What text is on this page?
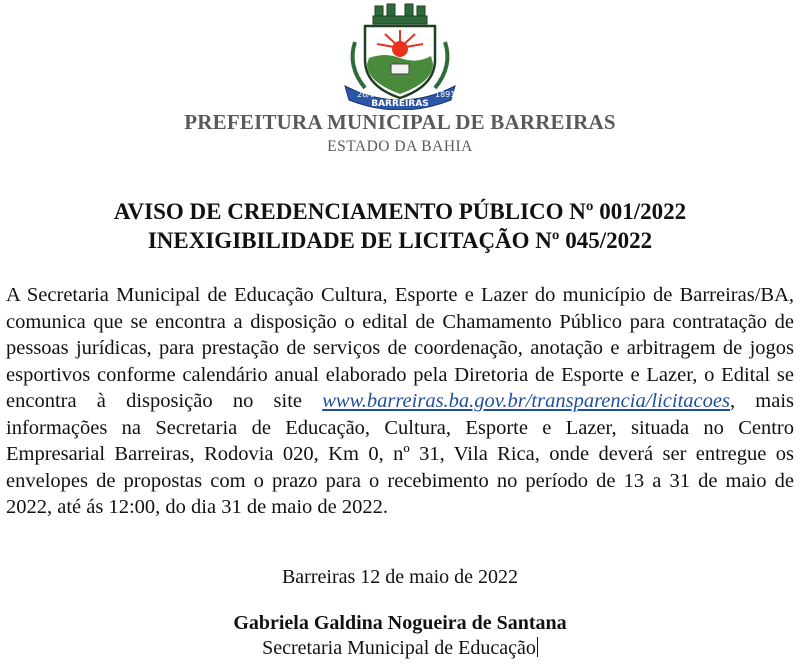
26/05	1891
BARREIRAS
PREFEITURA MUNICIPAL DE BARREIRAS
ESTADO DA BAHIA
AVISO DE CREDENCIAMENTO PÚBLICO Nº 001/2022
INEXIGIBILIDADE DE LICITAÇÃO Nº 045/2022
A Secretaria Municipal de Educação Cultura, Esporte e Lazer do município de Barreiras/BA, comunica que se encontra a disposição o edital de Chamamento Público para contratação de pessoas jurídicas, para prestação de serviços de coordenação, anotação e arbitragem de jogos esportivos conforme calendário anual elaborado pela Diretoria de Esporte e Lazer, o Edital se encontra à disposição no site www.barreiras.ba.gov.br/transparencia/licitacoes, mais informações na Secretaria de Educação, Cultura, Esporte e Lazer, situada no Centro Empresarial Barreiras, Rodovia 020, Km 0, nº 31, Vila Rica, onde deverá ser entregue os envelopes de propostas com o prazo para o recebimento no período de 13 a 31 de maio de 2022, até ás 12:00, do dia 31 de maio de 2022.
Barreiras 12 de maio de 2022
Gabriela Galdina Nogueira de Santana
Secretaria Municipal de Educação
